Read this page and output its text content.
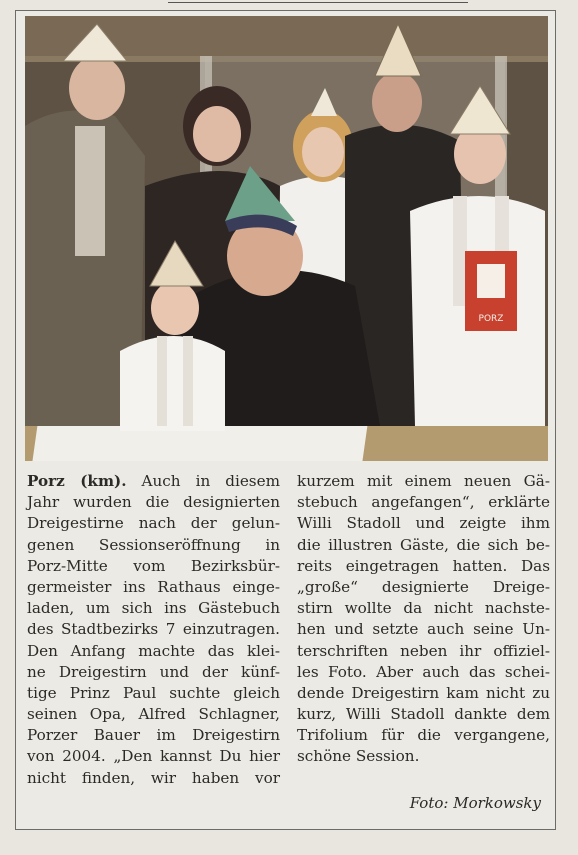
PORZ
Porz (km). Auch in diesem
Jahr wurden die designierten
Dreigestirne nach der gelun-
genen Sessionseröffnung in
Porz-Mitte vom Bezirksbür-
germeister ins Rathaus einge-
laden, um sich ins Gästebuch
des Stadtbezirks 7 einzutragen.
Den Anfang machte das klei-
ne Dreigestirn und der künf-
tige Prinz Paul suchte gleich
seinen Opa, Alfred Schlagner,
Porzer Bauer im Dreigestirn
von 2004. „Den kannst Du hier
nicht finden, wir haben vor
kurzem mit einem neuen Gä-
stebuch angefangen“, erklärte
Willi Stadoll und zeigte ihm
die illustren Gäste, die sich be-
reits eingetragen hatten. Das
„große“ designierte Dreige-
stirn wollte da nicht nachste-
hen und setzte auch seine Un-
terschriften neben ihr offiziel-
les Foto. Aber auch das schei-
dende Dreigestirn kam nicht zu
kurz, Willi Stadoll dankte dem
Trifolium für die vergangene,
schöne Session.
Foto: Morkowsky
